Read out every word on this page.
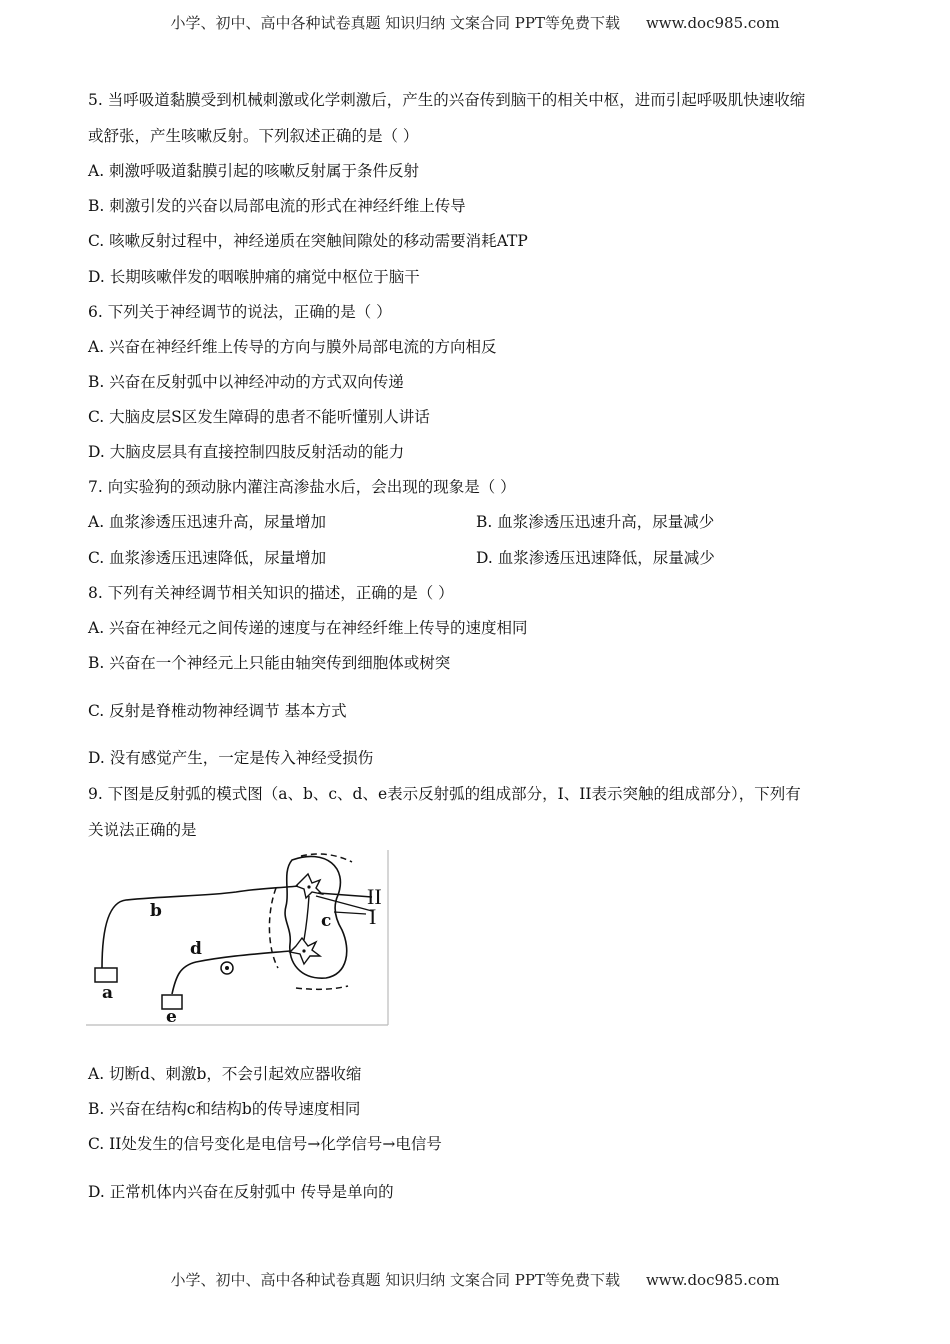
小学、初中、高中各种试卷真题 知识归纳 文案合同 PPT等免费下载 www.doc985.com
5. 当呼吸道黏膜受到机械刺激或化学刺激后，产生的兴奋传到脑干的相关中枢，进而引起呼吸肌快速收缩
或舒张，产生咳嗽反射。下列叙述正确的是（ ）
A. 刺激呼吸道黏膜引起的咳嗽反射属于条件反射
B. 刺激引发的兴奋以局部电流的形式在神经纤维上传导
C. 咳嗽反射过程中，神经递质在突触间隙处的移动需要消耗ATP
D. 长期咳嗽伴发的咽喉肿痛的痛觉中枢位于脑干
6. 下列关于神经调节的说法，正确的是（ ）
A. 兴奋在神经纤维上传导的方向与膜外局部电流的方向相反
B. 兴奋在反射弧中以神经冲动的方式双向传递
C. 大脑皮层S区发生障碍的患者不能听懂别人讲话
D. 大脑皮层具有直接控制四肢反射活动的能力
7. 向实验狗的颈动脉内灌注高渗盐水后，会出现的现象是（ ）
A. 血浆渗透压迅速升高，尿量增加	B. 血浆渗透压迅速升高，尿量减少
C. 血浆渗透压迅速降低，尿量增加	D. 血浆渗透压迅速降低，尿量减少
8. 下列有关神经调节相关知识的描述，正确的是（ ）
A. 兴奋在神经元之间传递的速度与在神经纤维上传导的速度相同
B. 兴奋在一个神经元上只能由轴突传到细胞体或树突
C. 反射是脊椎动物神经调节 基本方式
D. 没有感觉产生，一定是传入神经受损伤
9. 下图是反射弧的模式图（a、b、c、d、e表示反射弧的组成部分，I、II表示突触的组成部分），下列有
关说法正确的是
a
b	c
d
e
II
I
A. 切断d、刺激b，不会引起效应器收缩
B. 兴奋在结构c和结构b的传导速度相同
C. II处发生的信号变化是电信号→化学信号→电信号
D. 正常机体内兴奋在反射弧中 传导是单向的
小学、初中、高中各种试卷真题 知识归纳 文案合同 PPT等免费下载 www.doc985.com
